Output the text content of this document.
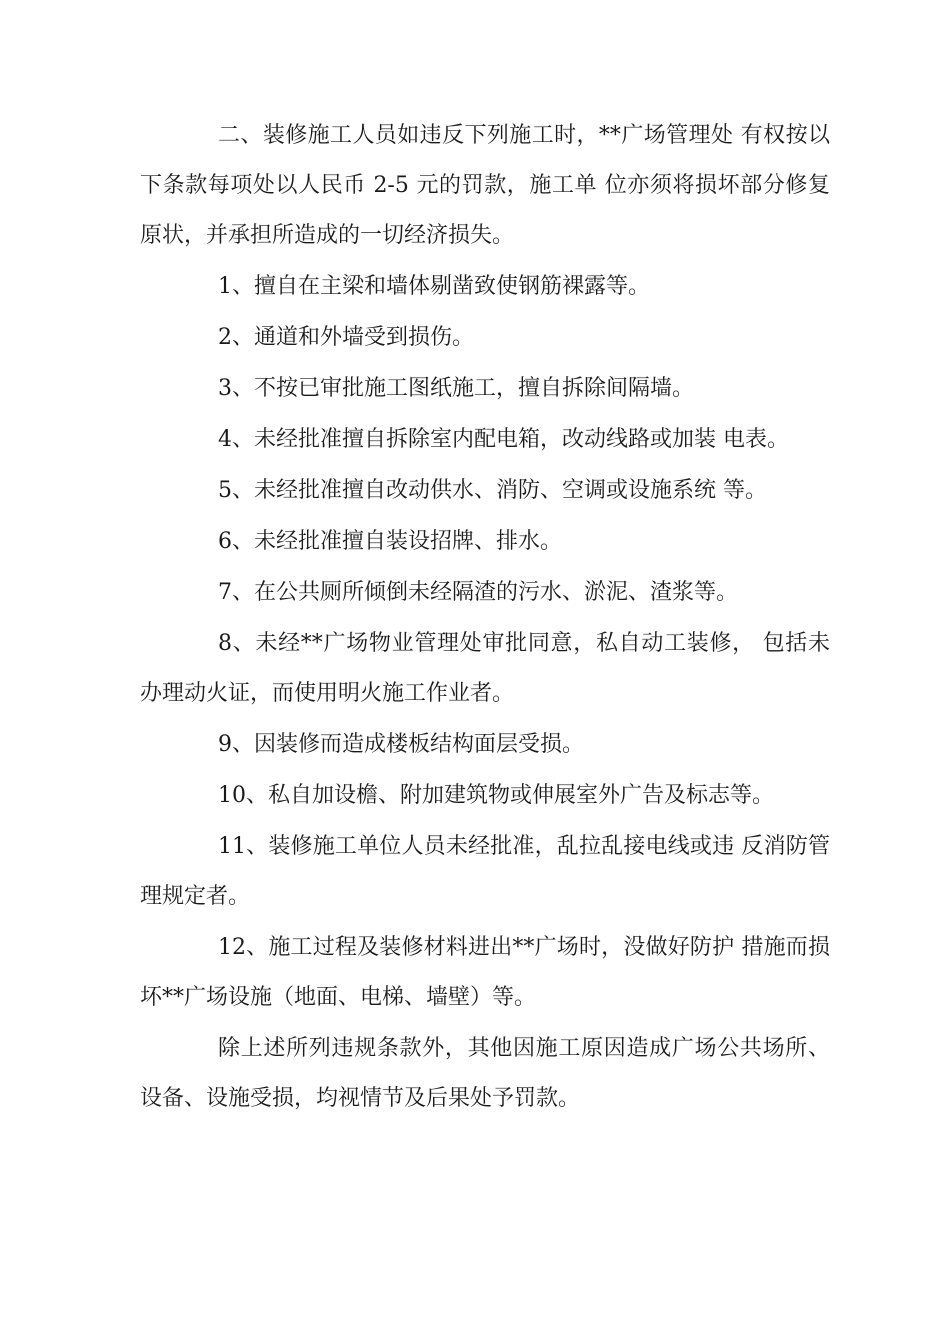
二、装修施工人员如违反下列施工时，**广场管理处 有权按以下条款每项处以人民币 2-5 元的罚款，施工单 位亦须将损坏部分修复原状，并承担所造成的一切经济损失。

1、擅自在主梁和墙体剔凿致使钢筋裸露等。

2、通道和外墙受到损伤。

3、不按已审批施工图纸施工，擅自拆除间隔墙。

4、未经批准擅自拆除室内配电箱，改动线路或加装 电表。

5、未经批准擅自改动供水、消防、空调或设施系统 等。

6、未经批准擅自装设招牌、排水。

7、在公共厕所倾倒未经隔渣的污水、淤泥、渣浆等。

8、未经**广场物业管理处审批同意，私自动工装修， 包括未办理动火证，而使用明火施工作业者。

9、因装修而造成楼板结构面层受损。

10、私自加设檐、附加建筑物或伸展室外广告及标志等。

11、装修施工单位人员未经批准，乱拉乱接电线或违 反消防管理规定者。

12、施工过程及装修材料进出**广场时，没做好防护 措施而损坏**广场设施（地面、电梯、墙壁）等。

除上述所列违规条款外，其他因施工原因造成广场公共场所、设备、设施受损，均视情节及后果处予罚款。
